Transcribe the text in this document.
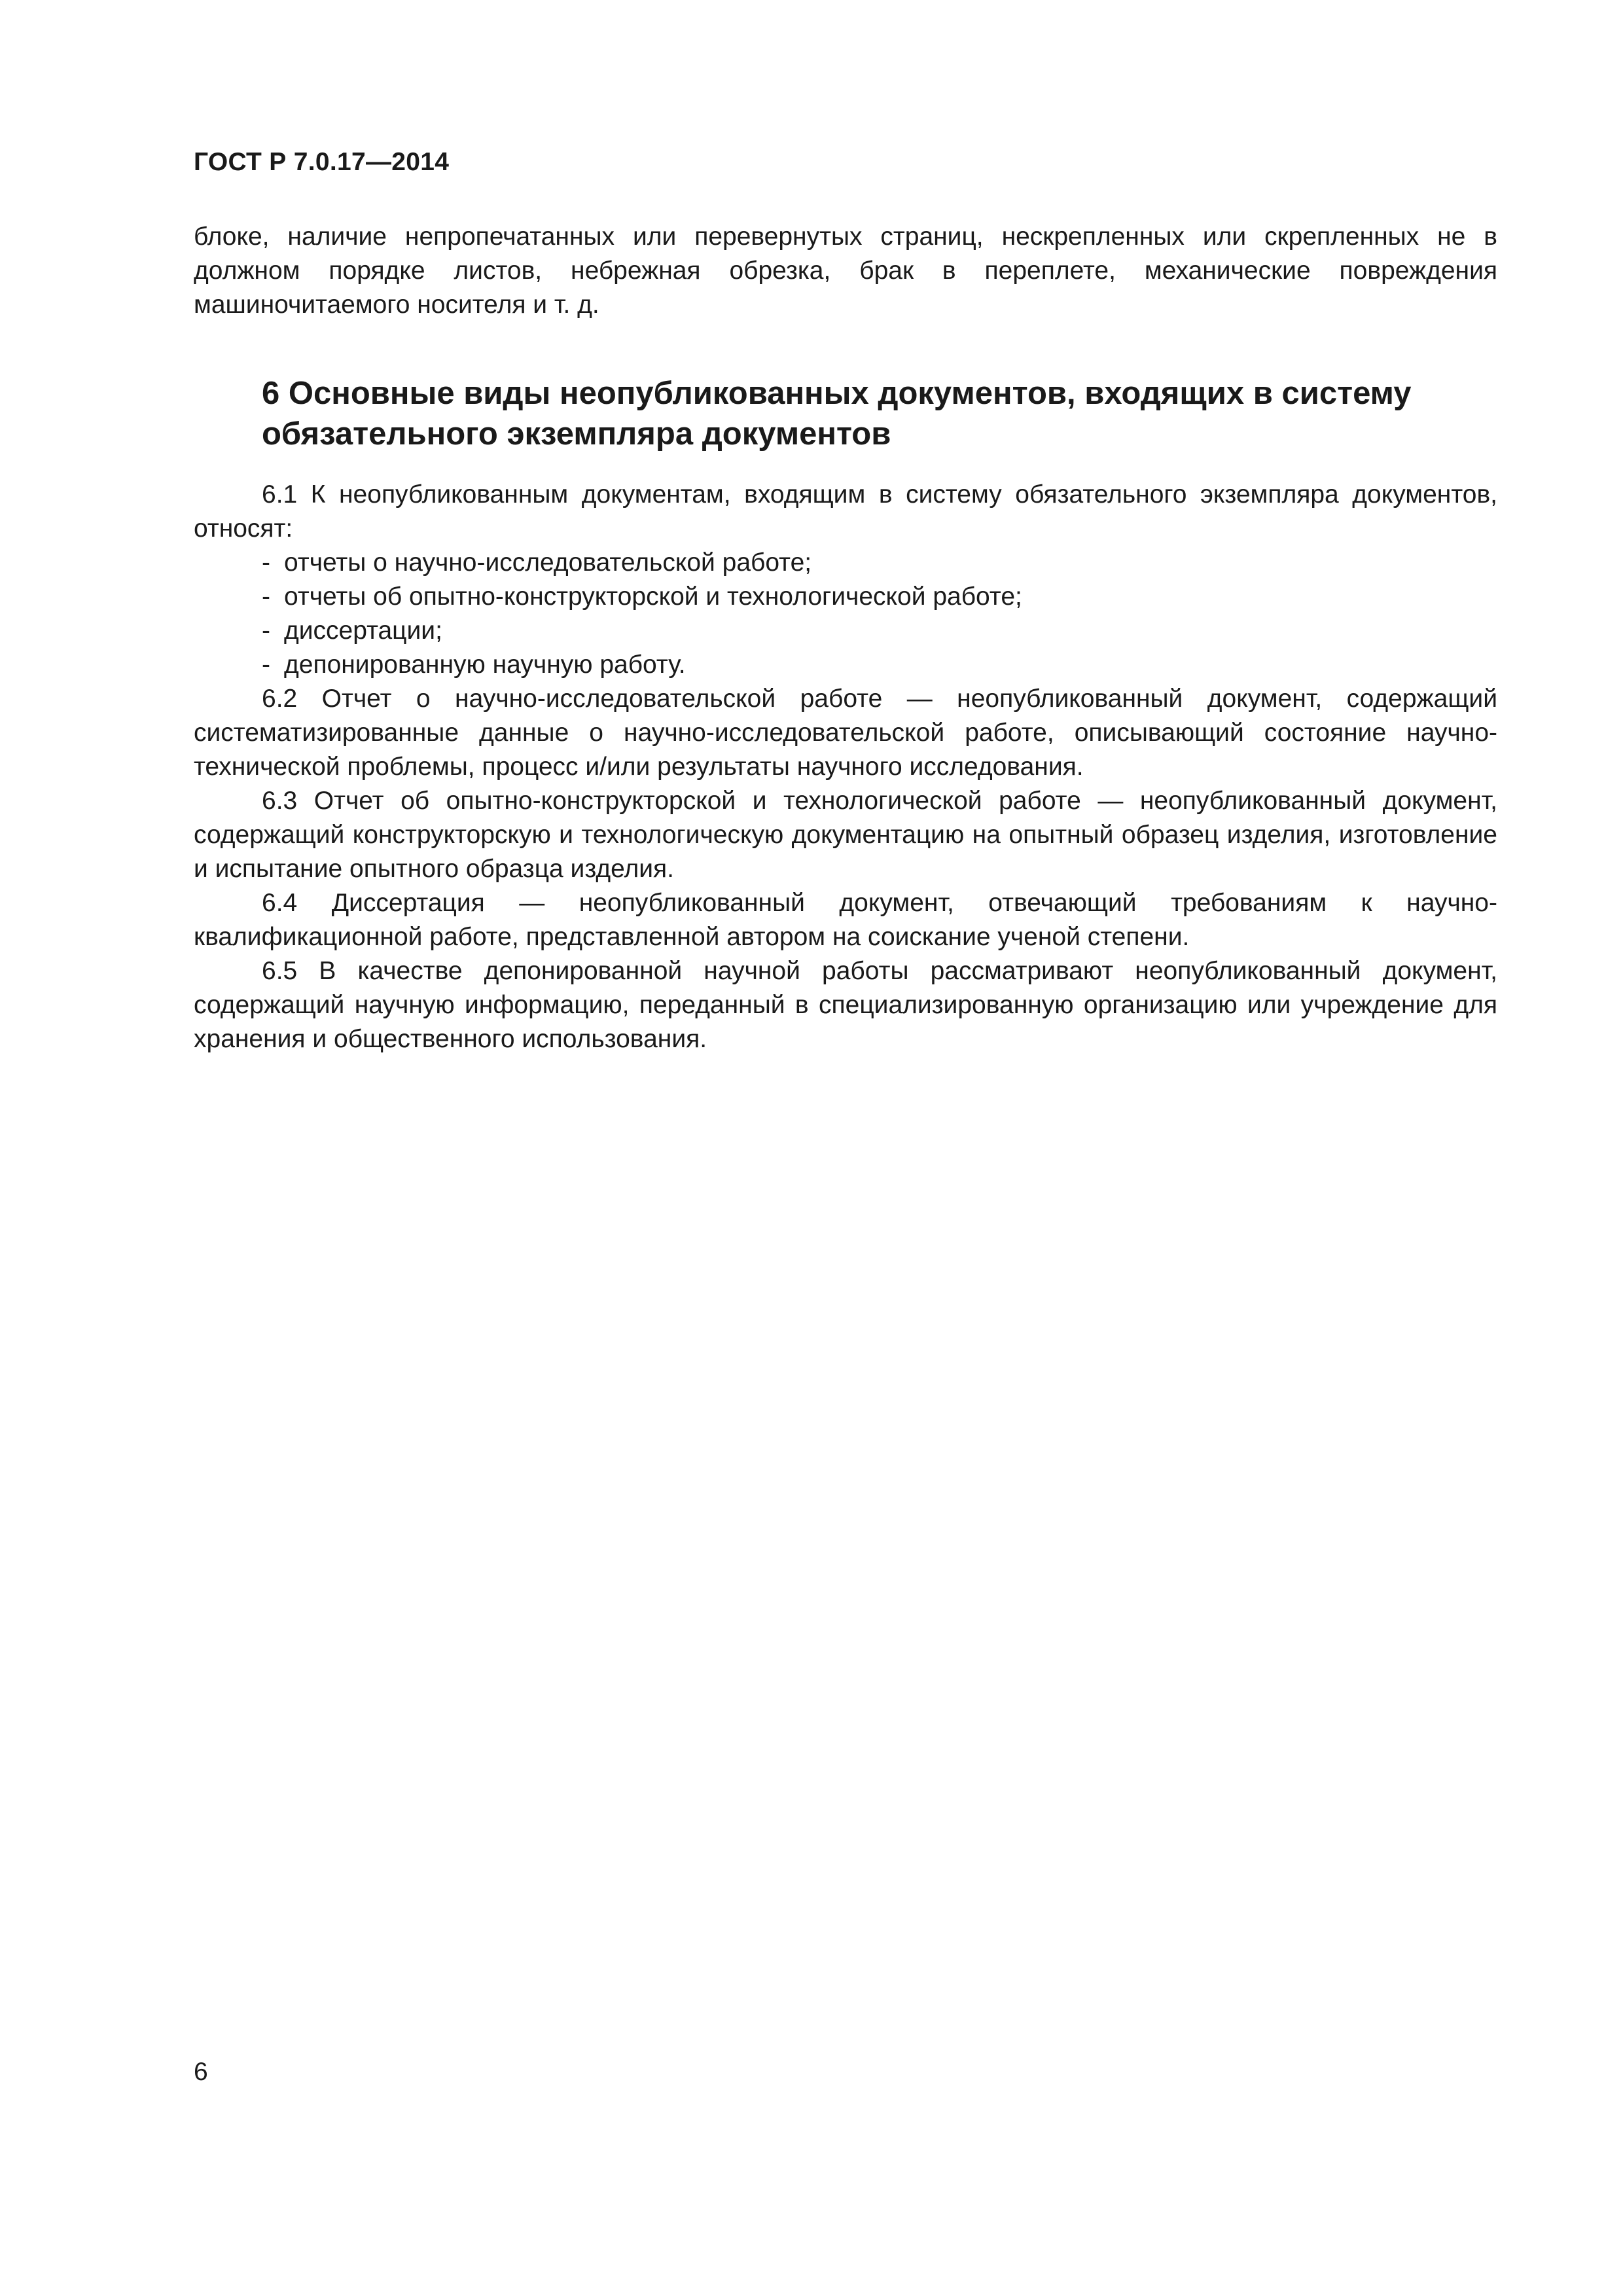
ГОСТ Р 7.0.17—2014

блоке, наличие непропечатанных или перевернутых страниц, нескрепленных или скрепленных не в должном порядке листов, небрежная обрезка, брак в переплете, механические повреждения машиночитаемого носителя и т. д.

6 Основные виды неопубликованных документов, входящих в систему обязательного экземпляра документов

6.1 К неопубликованным документам, входящим в систему обязательного экземпляра документов, относят:

- отчеты о научно-исследовательской работе;
- отчеты об опытно-конструкторской и технологической работе;
- диссертации;
- депонированную научную работу.

6.2 Отчет о научно-исследовательской работе — неопубликованный документ, содержащий систематизированные данные о научно-исследовательской работе, описывающий состояние научно-технической проблемы, процесс и/или результаты научного исследования.

6.3 Отчет об опытно-конструкторской и технологической работе — неопубликованный документ, содержащий конструкторскую и технологическую документацию на опытный образец изделия, изготовление и испытание опытного образца изделия.

6.4 Диссертация — неопубликованный документ, отвечающий требованиям к научно-квалификационной работе, представленной автором на соискание ученой степени.

6.5 В качестве депонированной научной работы рассматривают неопубликованный документ, содержащий научную информацию, переданный в специализированную организацию или учреждение для хранения и общественного использования.

6
